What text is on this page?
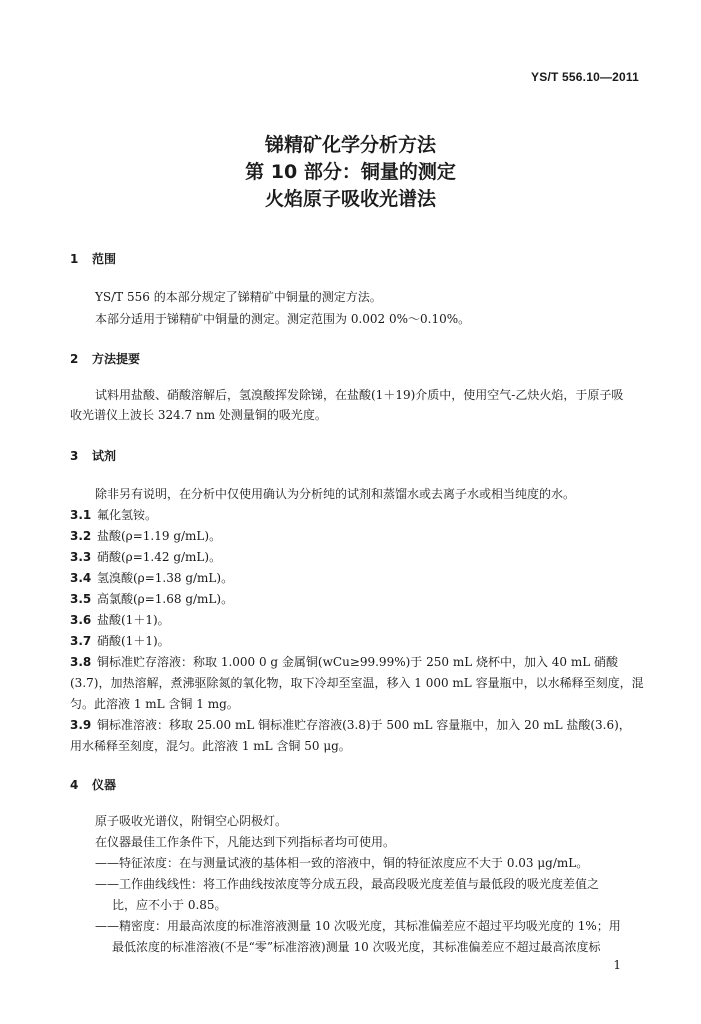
YS/T 556.10—2011
锑精矿化学分析方法
第 10 部分：铜量的测定
火焰原子吸收光谱法
1 范围
YS/T 556 的本部分规定了锑精矿中铜量的测定方法。
本部分适用于锑精矿中铜量的测定。测定范围为 0.002 0%～0.10%。
2 方法提要
试料用盐酸、硝酸溶解后，氢溴酸挥发除锑，在盐酸(1＋19)介质中，使用空气-乙炔火焰，于原子吸
收光谱仪上波长 324.7 nm 处测量铜的吸光度。
3 试剂
除非另有说明，在分析中仅使用确认为分析纯的试剂和蒸馏水或去离子水或相当纯度的水。
3.1 氟化氢铵。
3.2 盐酸(ρ=1.19 g/mL)。
3.3 硝酸(ρ=1.42 g/mL)。
3.4 氢溴酸(ρ=1.38 g/mL)。
3.5 高氯酸(ρ=1.68 g/mL)。
3.6 盐酸(1＋1)。
3.7 硝酸(1＋1)。
3.8 铜标准贮存溶液：称取 1.000 0 g 金属铜(wCu≥99.99%)于 250 mL 烧杯中，加入 40 mL 硝酸
(3.7)，加热溶解，煮沸驱除氮的氧化物，取下冷却至室温，移入 1 000 mL 容量瓶中，以水稀释至刻度，混
匀。此溶液 1 mL 含铜 1 mg。
3.9 铜标准溶液：移取 25.00 mL 铜标准贮存溶液(3.8)于 500 mL 容量瓶中，加入 20 mL 盐酸(3.6)，
用水稀释至刻度，混匀。此溶液 1 mL 含铜 50 μg。
4 仪器
原子吸收光谱仪，附铜空心阴极灯。
在仪器最佳工作条件下，凡能达到下列指标者均可使用。
——特征浓度：在与测量试液的基体相一致的溶液中，铜的特征浓度应不大于 0.03 μg/mL。
——工作曲线线性：将工作曲线按浓度等分成五段，最高段吸光度差值与最低段的吸光度差值之
比，应不小于 0.85。
——精密度：用最高浓度的标准溶液测量 10 次吸光度，其标准偏差应不超过平均吸光度的 1%；用
最低浓度的标准溶液(不是“零”标准溶液)测量 10 次吸光度，其标准偏差应不超过最高浓度标
1
